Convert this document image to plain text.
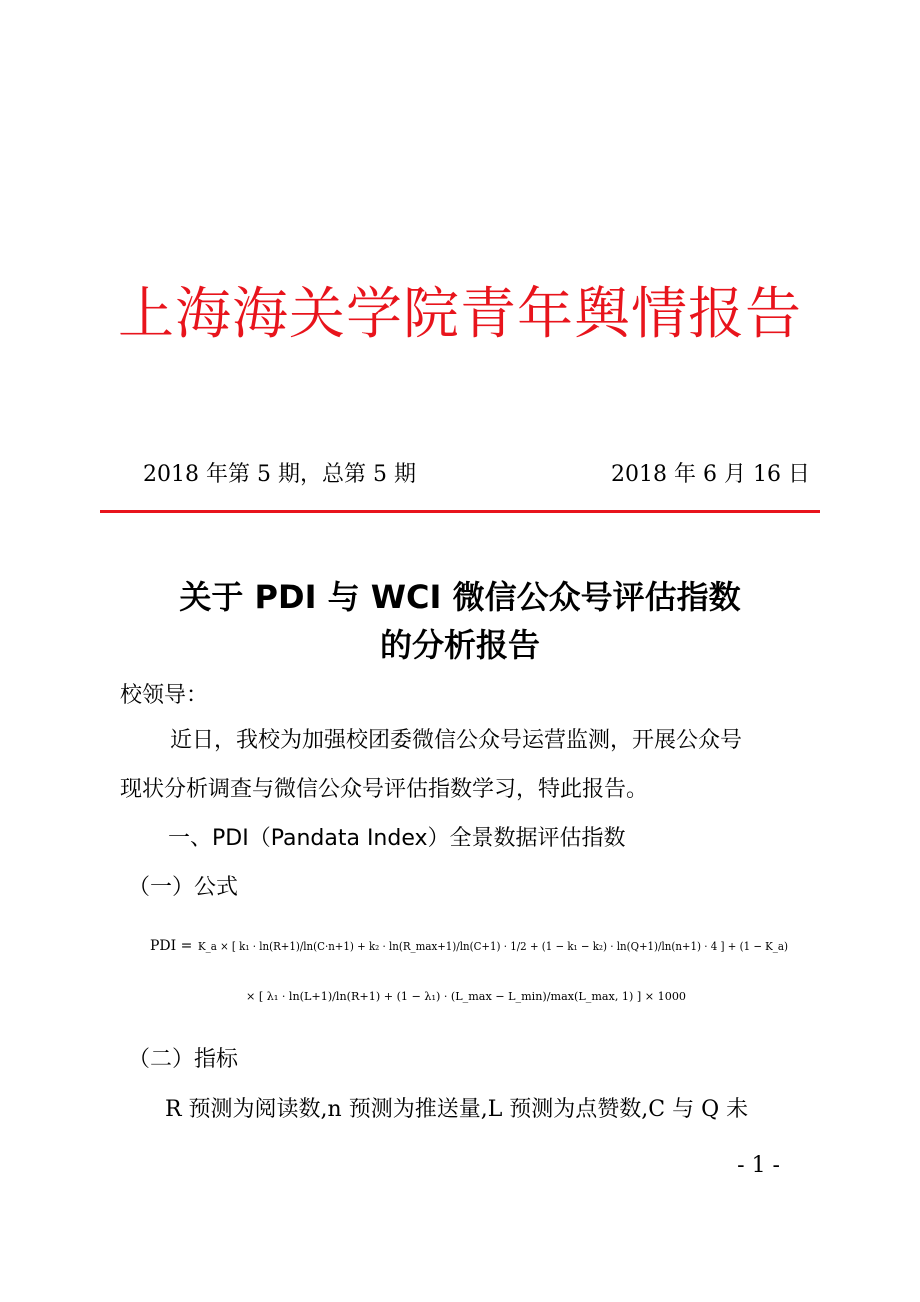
上海海关学院青年舆情报告
2018 年第 5 期，总第 5 期	2018 年 6 月 16 日
关于 PDI 与 WCI 微信公众号评估指数
的分析报告
校领导：
近日，我校为加强校团委微信公众号运营监测，开展公众号
现状分析调查与微信公众号评估指数学习，特此报告。
一、PDI（Pandata Index）全景数据评估指数
（一）公式
PDI = K_a × [ k₁ · ln(R+1)/ln(C·n+1) + k₂ · ln(R_max+1)/ln(C+1) · 1/2 + (1 − k₁ − k₂) · ln(Q+1)/ln(n+1) · 4 ] + (1 − K_a)
× [ λ₁ · ln(L+1)/ln(R+1) + (1 − λ₁) · (L_max − L_min)/max(L_max, 1) ] × 1000
（二）指标
R 预测为阅读数,n 预测为推送量,L 预测为点赞数,C 与 Q 未
- 1 -
